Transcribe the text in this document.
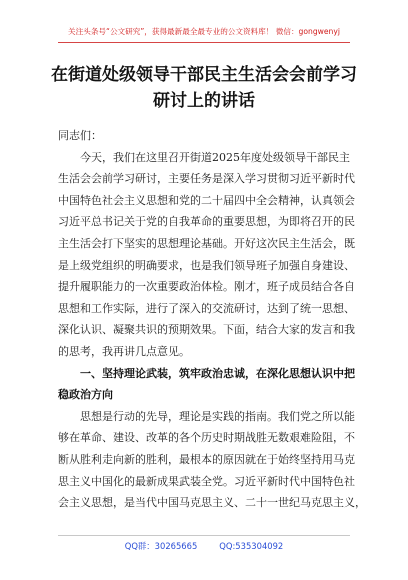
关注头条号“公文研究”，获得最新最全最专业的公文资料库！ 微信：gongwenyj
在街道处级领导干部民主生活会会前学习
研讨上的讲话
同志们：
今天，我们在这里召开街道2025年度处级领导干部民主
生活会会前学习研讨，主要任务是深入学习贯彻习近平新时代
中国特色社会主义思想和党的二十届四中全会精神，认真领会
习近平总书记关于党的自我革命的重要思想，为即将召开的民
主生活会打下坚实的思想理论基础。开好这次民主生活会，既
是上级党组织的明确要求，也是我们领导班子加强自身建设、
提升履职能力的一次重要政治体检。刚才，班子成员结合各自
思想和工作实际，进行了深入的交流研讨，达到了统一思想、
深化认识、凝聚共识的预期效果。下面，结合大家的发言和我
的思考，我再讲几点意见。
一、坚持理论武装，筑牢政治忠诚，在深化思想认识中把
稳政治方向
思想是行动的先导，理论是实践的指南。我们党之所以能
够在革命、建设、改革的各个历史时期战胜无数艰难险阻，不
断从胜利走向新的胜利，最根本的原因就在于始终坚持用马克
思主义中国化的最新成果武装全党。习近平新时代中国特色社
会主义思想，是当代中国马克思主义、二十一世纪马克思主义，
QQ群：30265665	QQ:535304092
